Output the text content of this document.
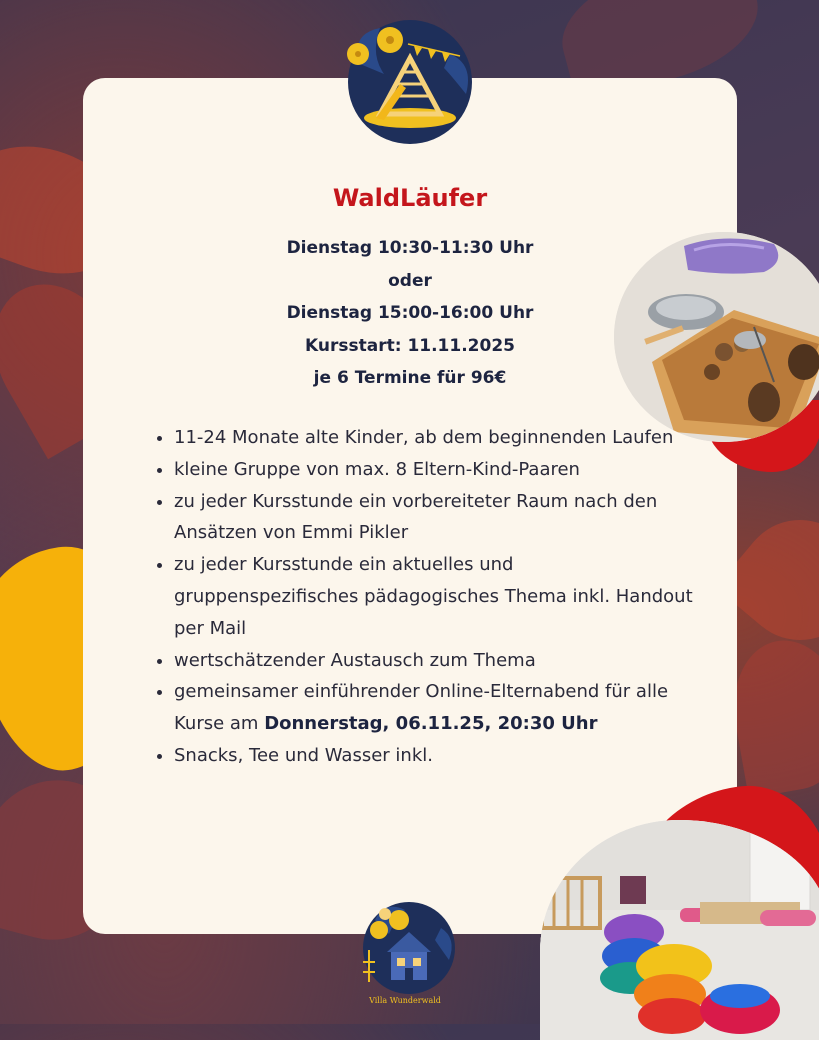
WaldLäufer
Dienstag 10:30-11:30 Uhr
oder
Dienstag 15:00-16:00 Uhr
Kursstart: 11.11.2025
je 6 Termine für 96€
• 11-24 Monate alte Kinder, ab dem beginnenden Laufen
• kleine Gruppe von max. 8 Eltern-Kind-Paaren
• zu jeder Kursstunde ein vorbereiteter Raum nach den Ansätzen von Emmi Pikler
• zu jeder Kursstunde ein aktuelles und gruppenspezifisches pädagogisches Thema inkl. Handout per Mail
• wertschätzender Austausch zum Thema
• gemeinsamer einführender Online-Elternabend für alle Kurse am Donnerstag, 06.11.25, 20:30 Uhr
• Snacks, Tee und Wasser inkl.
Villa Wunderwald
